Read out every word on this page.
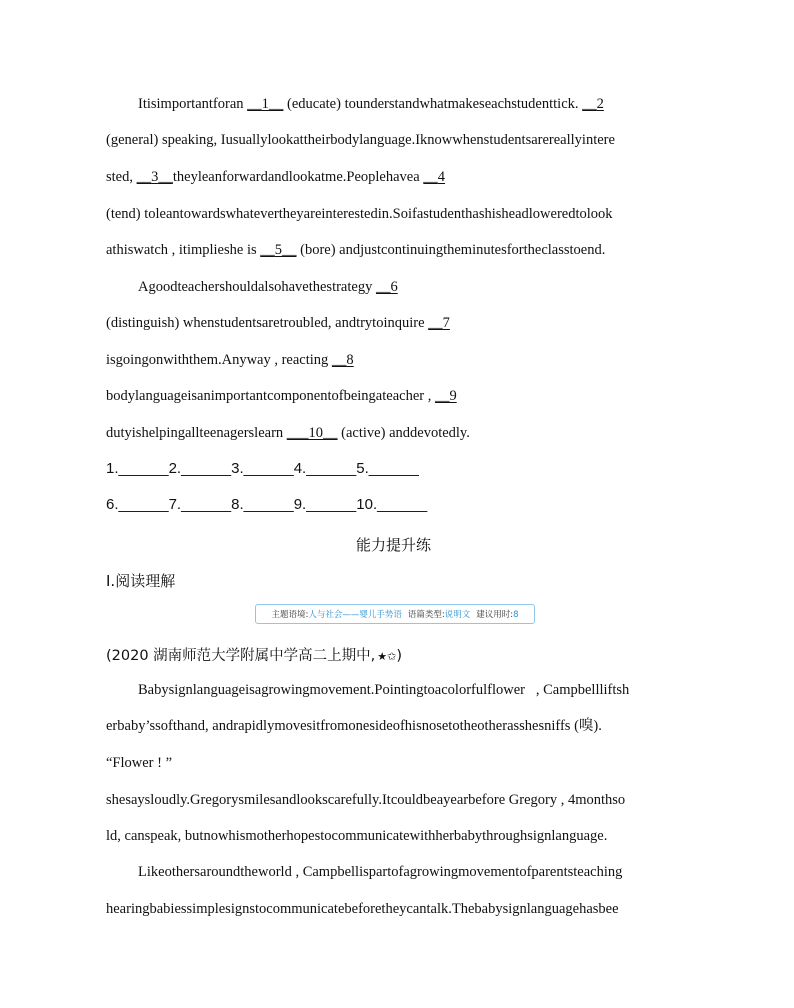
Itisimportantforan __1__ (educate) tounderstandwhatmakeseachstudenttick. __2
(general) speaking, Iusuallylookattheirbodylanguage.Iknowwhenstudentsarereallyintere
sted, __3__theyleanforwardandlookatme.Peoplehavea __4
(tend) toleantowardswhatevertheyareinterestedin.Soifastudenthashisheadloweredtolook
athiswatch , itimplieshe is __5__ (bore) andjustcontinuingtheminutesfortheclasstoend.
Agoodteachershouldalsohavethestrategy __6
(distinguish) whenstudentsaretroubled, andtrytoinquire __7
isgoingonwiththem.Anyway , reacting __8
bodylanguageisanimportantcomponentofbeingateacher , __9
dutyishelpingallteenagerslearn ___10__ (active) anddevotedly.
1.______2.______3.______4.______5.______
6.______7.______8.______9.______10.______
能力提升练
Ⅰ.阅读理解
主题语境:人与社会——婴儿手势语 语篇类型:说明文 建议用时:8
(2020 湖南师范大学附属中学高二上期中, ★✩)
Babysignlanguageisagrowingmovement.Pointingtoacolorfulflower   , Campbellliftsh
erbaby’ssofthand, andrapidlymovesitfromonesideofhisnosetotheotherasshesniffs (嗅).
“Flower ! ”
shesaysloudly.Gregorysmilesandlookscarefully.Itcouldbeayearbefore Gregory , 4monthso
ld, canspeak, butnowhismotherhopestocommunicatewithherbabythroughsignlanguage.
Likeothersaroundtheworld , Campbellispartofagrowingmovementofparentsteaching
hearingbabiessimplesignstocommunicatebeforetheycantalk.Thebabysignlanguagehasbee
